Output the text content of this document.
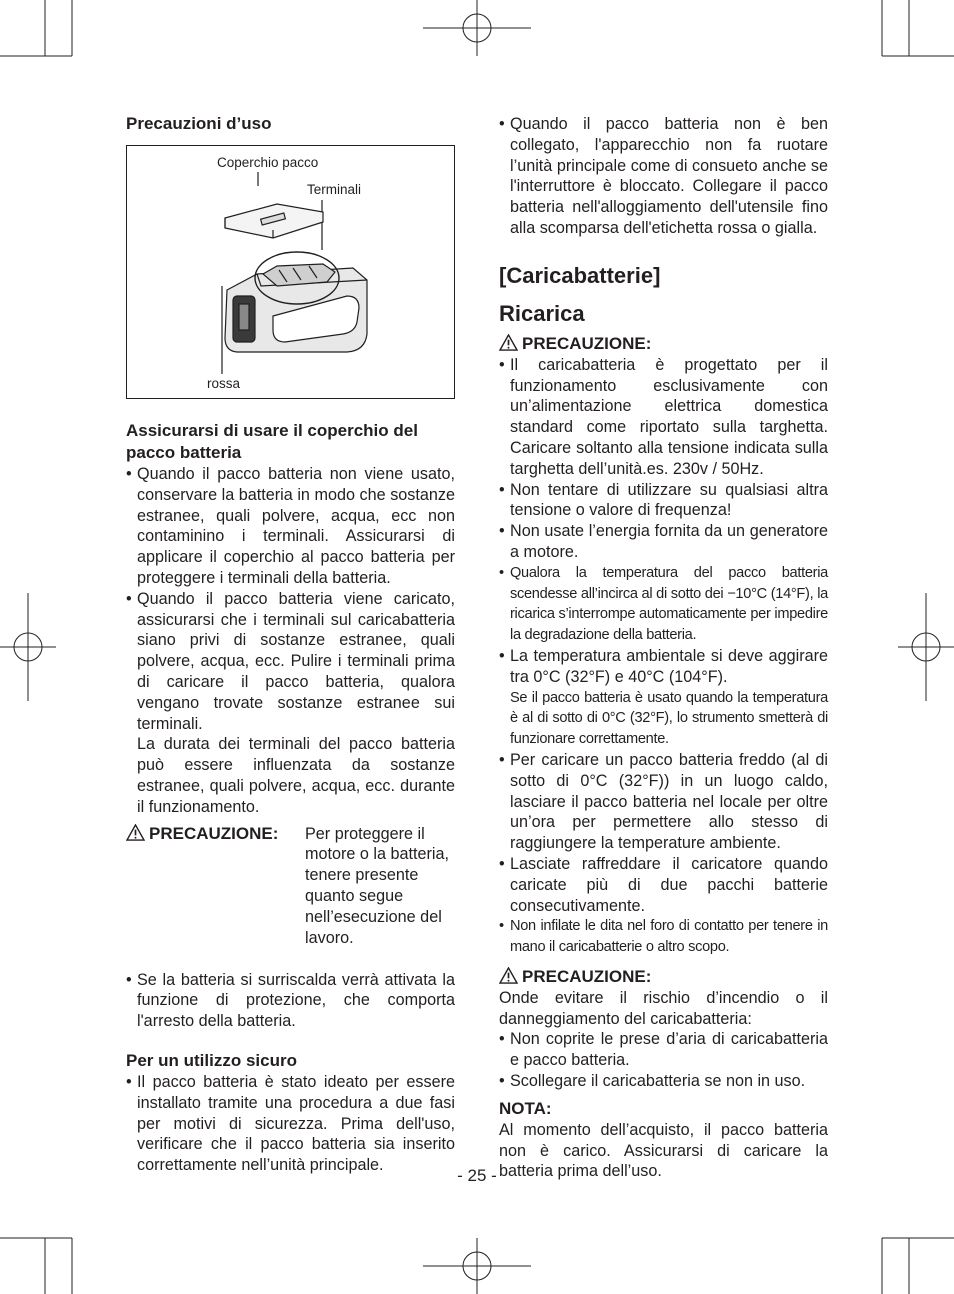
Precauzioni d’uso

Coperchio pacco
Terminali
rossa

Assicurarsi di usare il coperchio del pacco batteria

• Quando il pacco batteria non viene usato, conservare la batteria in modo che sostanze estranee, quali polvere, acqua, ecc non contaminino i terminali. Assicurarsi di applicare il coperchio al pacco batteria per proteggere i terminali della batteria.

• Quando il pacco batteria viene caricato, assicurarsi che i terminali sul caricabatteria siano privi di sostanze estranee, quali polvere, acqua, ecc. Pulire i terminali prima di caricare il pacco batteria, qualora vengano trovate sostanze estranee sui terminali.

La durata dei terminali del pacco batteria può essere influenzata da sostanze estranee, quali polvere, acqua, ecc. durante il funzionamento.

PRECAUZIONE: Per proteggere il motore o la batteria, tenere presente quanto segue nell’esecuzione del lavoro.

• Se la batteria si surriscalda verrà attivata la funzione di protezione, che comporta l'arresto della batteria.

Per un utilizzo sicuro

• Il pacco batteria è stato ideato per essere installato tramite una procedura a due fasi per motivi di sicurezza. Prima dell'uso, verificare che il pacco batteria sia inserito correttamente nell’unità principale.

• Quando il pacco batteria non è ben collegato, l'apparecchio non fa ruotare l’unità principale come di consueto anche se l'interruttore è bloccato. Collegare il pacco batteria nell'alloggiamento dell'utensile fino alla scomparsa dell'etichetta rossa o gialla.

[Caricabatterie]

Ricarica

PRECAUZIONE:

• Il caricabatteria è progettato per il funzionamento esclusivamente con un’alimentazione elettrica domestica standard come riportato sulla targhetta. Caricare soltanto alla tensione indicata sulla targhetta dell’unità.es. 230v / 50Hz.

• Non tentare di utilizzare su qualsiasi altra tensione o valore di frequenza!

• Non usate l’energia fornita da un generatore a motore.

• Qualora la temperatura del pacco batteria scendesse all’incirca al di sotto dei −10°C (14°F), la ricarica s’interrompe automaticamente per impedire la degradazione della batteria.

• La temperatura ambientale si deve aggirare tra 0°C (32°F) e 40°C (104°F).

Se il pacco batteria è usato quando la temperatura è al di sotto di 0°C (32°F), lo strumento smetterà di funzionare correttamente.

• Per caricare un pacco batteria freddo (al di sotto di 0°C (32°F)) in un luogo caldo, lasciare il pacco batteria nel locale per oltre un’ora per permettere allo stesso di raggiungere la temperature ambiente.

• Lasciate raffreddare il caricatore quando caricate più di due pacchi batterie consecutivamente.

• Non infilate le dita nel foro di contatto per tenere in mano il caricabatterie o altro scopo.

PRECAUZIONE:

Onde evitare il rischio d’incendio o il danneggiamento del caricabatteria:

• Non coprite le prese d’aria di caricabatteria e pacco batteria.

• Scollegare il caricabatteria se non in uso.

NOTA:

Al momento dell’acquisto, il pacco batteria non è carico. Assicurarsi di caricare la batteria prima dell’uso.

- 25 -
